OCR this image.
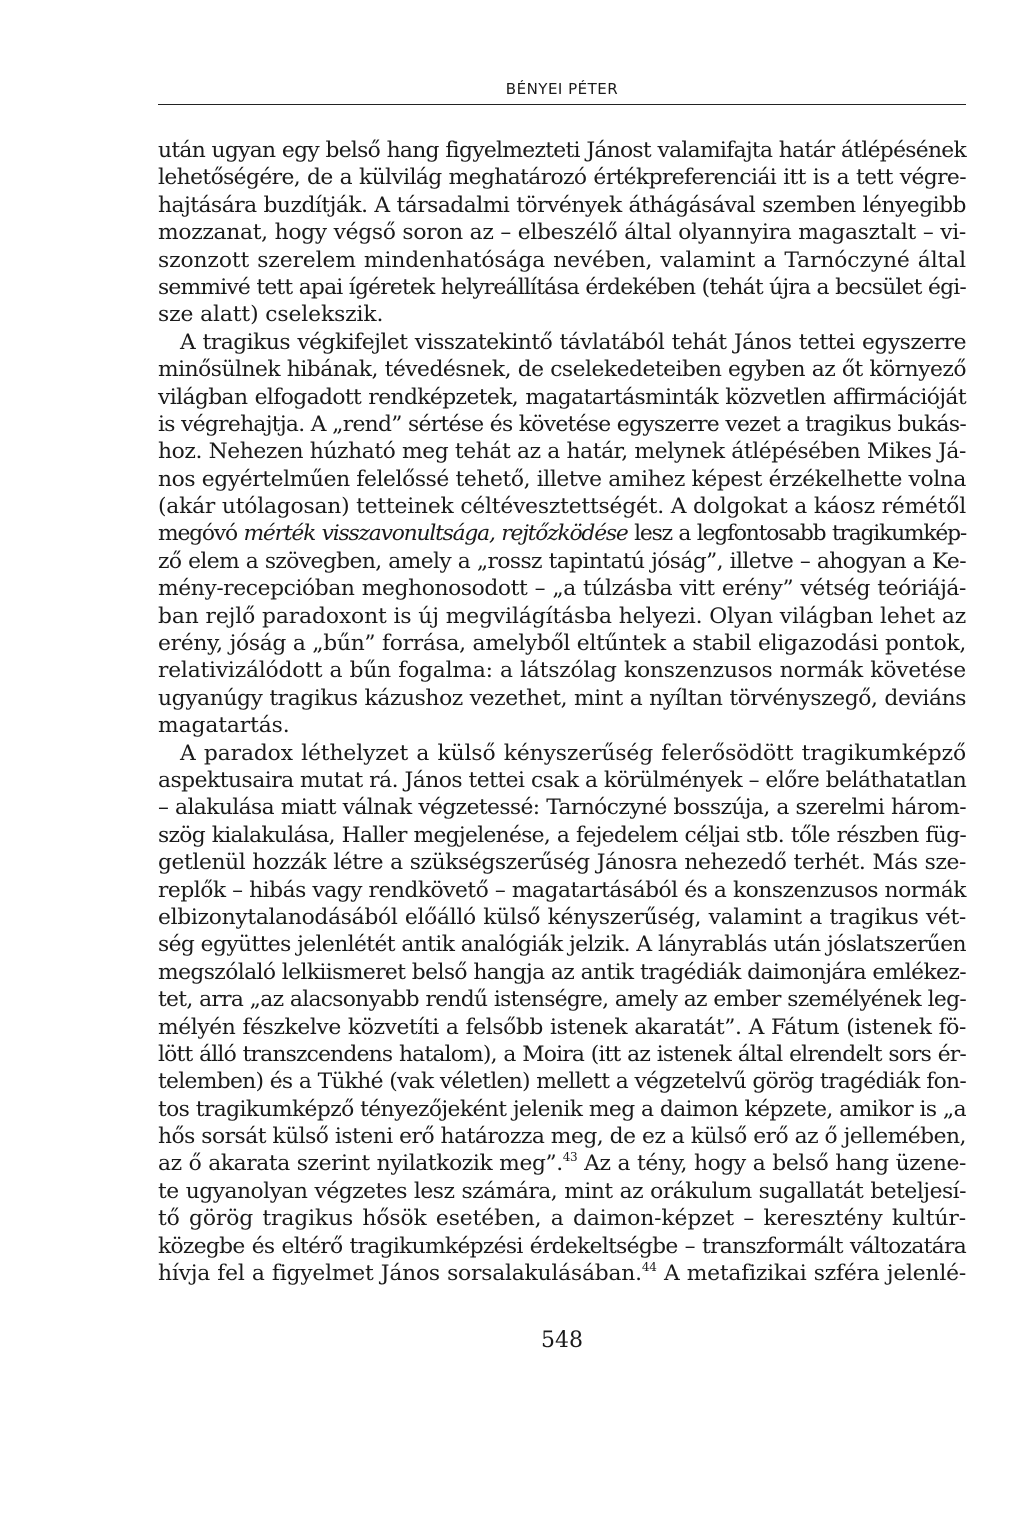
BÉNYEI PÉTER
után ugyan egy belső hang figyelmezteti Jánost valamifajta határ átlépésének
lehetőségére, de a külvilág meghatározó értékpreferenciái itt is a tett végre-
hajtására buzdítják. A társadalmi törvények áthágásával szemben lényegibb
mozzanat, hogy végső soron az – elbeszélő által olyannyira magasztalt – vi-
szonzott szerelem mindenhatósága nevében, valamint a Tarnóczyné által
semmivé tett apai ígéretek helyreállítása érdekében (tehát újra a becsület égi-
sze alatt) cselekszik.
A tragikus végkifejlet visszatekintő távlatából tehát János tettei egyszerre
minősülnek hibának, tévedésnek, de cselekedeteiben egyben az őt környező
világban elfogadott rendképzetek, magatartásminták közvetlen affirmációját
is végrehajtja. A „rend” sértése és követése egyszerre vezet a tragikus bukás-
hoz. Nehezen húzható meg tehát az a határ, melynek átlépésében Mikes Já-
nos egyértelműen felelőssé tehető, illetve amihez képest érzékelhette volna
(akár utólagosan) tetteinek céltévesztettségét. A dolgokat a káosz rémétől
megóvó mérték visszavonultsága, rejtőzködése lesz a legfontosabb tragikumkép-
ző elem a szövegben, amely a „rossz tapintatú jóság”, illetve – ahogyan a Ke-
mény-recepcióban meghonosodott – „a túlzásba vitt erény” vétség teóriájá-
ban rejlő paradoxont is új megvilágításba helyezi. Olyan világban lehet az
erény, jóság a „bűn” forrása, amelyből eltűntek a stabil eligazodási pontok,
relativizálódott a bűn fogalma: a látszólag konszenzusos normák követése
ugyanúgy tragikus kázushoz vezethet, mint a nyíltan törvényszegő, deviáns
magatartás.
A paradox léthelyzet a külső kényszerűség felerősödött tragikumképző
aspektusaira mutat rá. János tettei csak a körülmények – előre beláthatatlan
– alakulása miatt válnak végzetessé: Tarnóczyné bosszúja, a szerelmi három-
szög kialakulása, Haller megjelenése, a fejedelem céljai stb. tőle részben füg-
getlenül hozzák létre a szükségszerűség Jánosra nehezedő terhét. Más sze-
replők – hibás vagy rendkövető – magatartásából és a konszenzusos normák
elbizonytalanodásából előálló külső kényszerűség, valamint a tragikus vét-
ség együttes jelenlétét antik analógiák jelzik. A lányrablás után jóslatszerűen
megszólaló lelkiismeret belső hangja az antik tragédiák daimonjára emlékez-
tet, arra „az alacsonyabb rendű istenségre, amely az ember személyének leg-
mélyén fészkelve közvetíti a felsőbb istenek akaratát”. A Fátum (istenek fö-
lött álló transzcendens hatalom), a Moira (itt az istenek által elrendelt sors ér-
telemben) és a Tükhé (vak véletlen) mellett a végzetelvű görög tragédiák fon-
tos tragikumképző tényezőjeként jelenik meg a daimon képzete, amikor is „a
hős sorsát külső isteni erő határozza meg, de ez a külső erő az ő jellemében,
az ő akarata szerint nyilatkozik meg”.$^{43}$ Az a tény, hogy a belső hang üzene-
te ugyanolyan végzetes lesz számára, mint az orákulum sugallatát beteljesí-
tő görög tragikus hősök esetében, a daimon-képzet – keresztény kultúr-
közegbe és eltérő tragikumképzési érdekeltségbe – transzformált változatára
hívja fel a figyelmet János sorsalakulásában.$^{44}$ A metafizikai szféra jelenlé-
548
